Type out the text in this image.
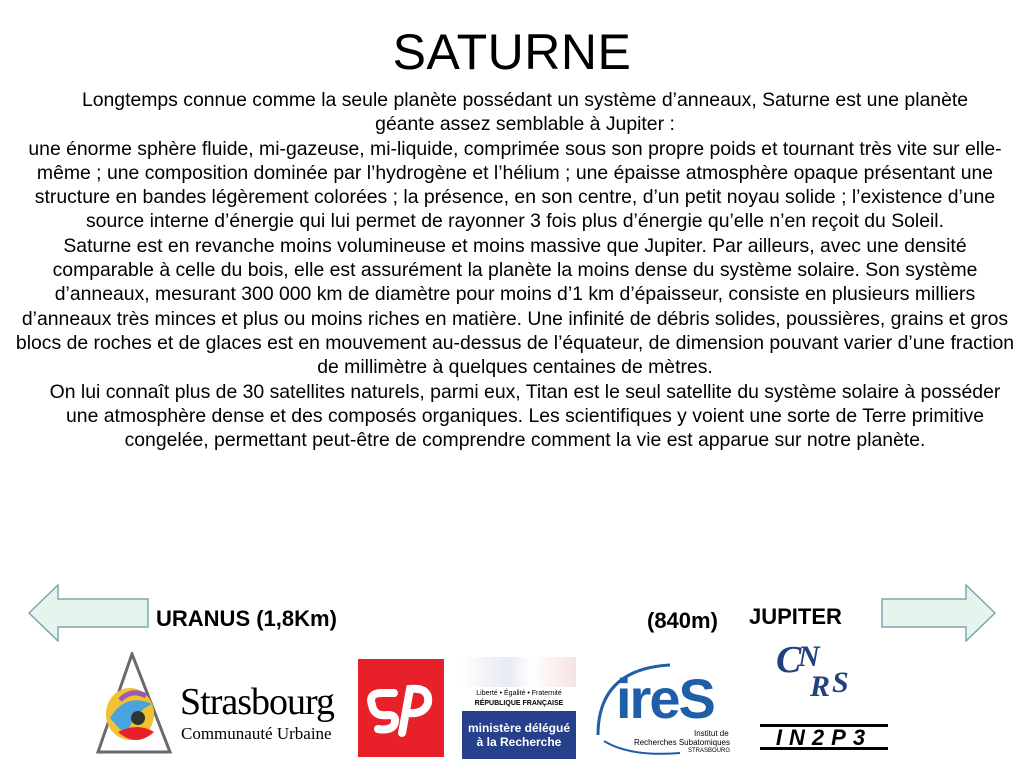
SATURNE

Longtemps connue comme la seule planète possédant un système d’anneaux, Saturne est une planète géante assez semblable à Jupiter :

une énorme sphère fluide, mi-gazeuse, mi-liquide, comprimée sous son propre poids et tournant très vite sur elle-même ; une composition dominée par l’hydrogène et l’hélium ; une épaisse atmosphère opaque présentant une structure en bandes légèrement colorées ; la présence, en son centre, d’un petit noyau solide ; l’existence d’une source interne d’énergie qui lui permet de rayonner 3 fois plus d’énergie qu’elle n’en reçoit du Soleil.

Saturne est en revanche moins volumineuse et moins massive que Jupiter. Par ailleurs, avec une densité comparable à celle du bois, elle est assurément la planète la moins dense du système solaire. Son système d’anneaux, mesurant 300 000 km de diamètre pour moins d’1 km d’épaisseur, consiste en plusieurs milliers d’anneaux très minces et plus ou moins riches en matière. Une infinité de débris solides, poussières, grains et gros blocs de roches et de glaces est en mouvement au-dessus de l’équateur, de dimension pouvant varier d’une fraction de millimètre à quelques centaines de mètres.

On lui connaît plus de 30 satellites naturels, parmi eux, Titan est le seul satellite du système solaire à posséder une atmosphère dense et des composés organiques. Les scientifiques y voient une sorte de Terre primitive congelée, permettant peut-être de comprendre comment la vie est apparue sur notre planète.

URANUS (1,8Km)	(840m) JUPITER
Strasbourg
Communauté Urbaine
Liberté • Égalité • Fraternité
RÉPUBLIQUE FRANÇAISE
ministère délégué
à la Recherche
ireS
Institut de
Recherches Subatomiques
STRASBOURG
C
N
R S
IN2P3
